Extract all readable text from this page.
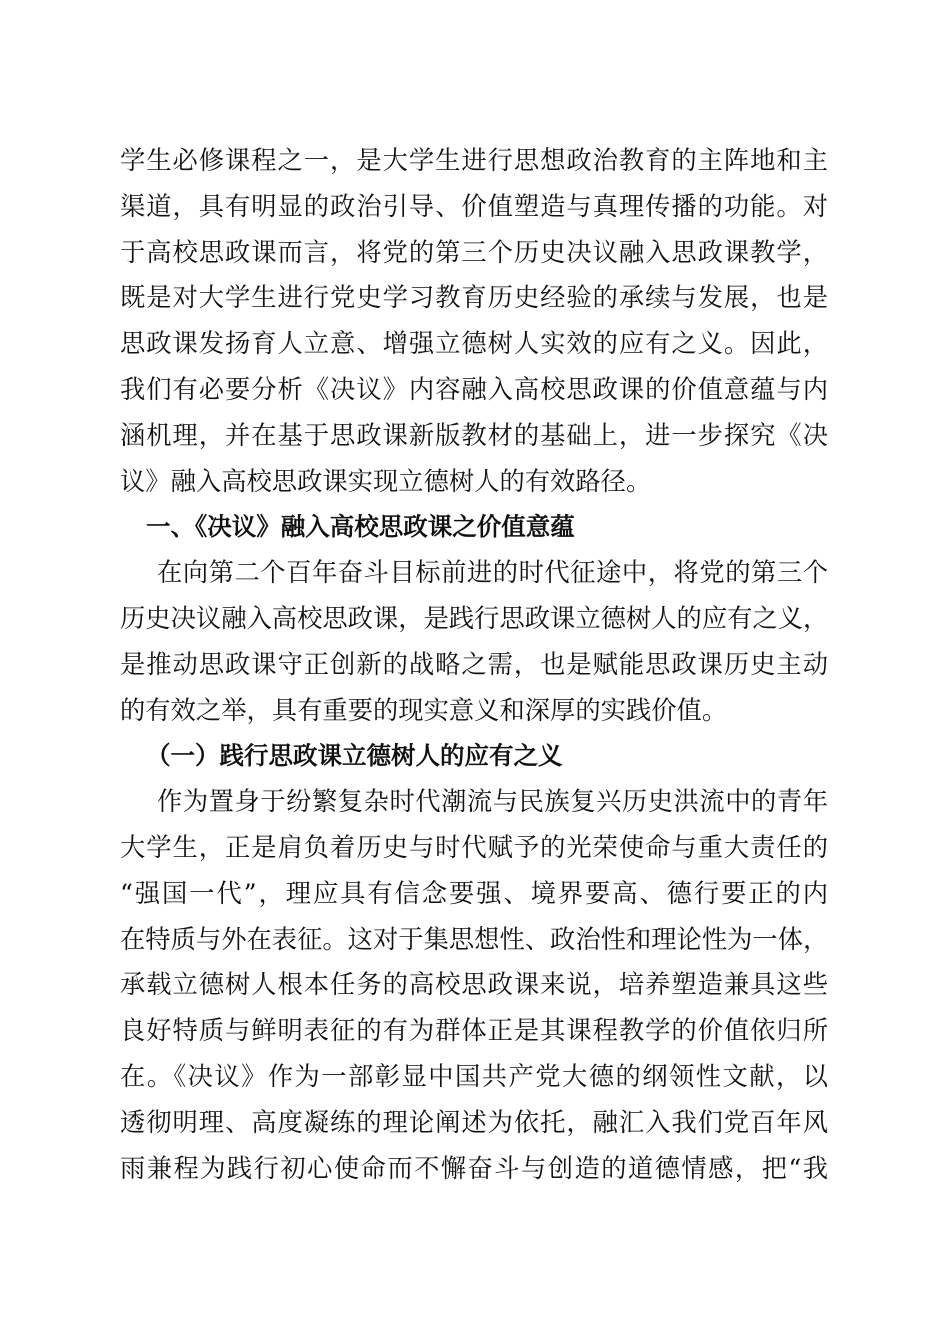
学生必修课程之一，是大学生进行思想政治教育的主阵地和主
渠道，具有明显的政治引导、价值塑造与真理传播的功能。对
于高校思政课而言，将党的第三个历史决议融入思政课教学，
既是对大学生进行党史学习教育历史经验的承续与发展，也是
思政课发扬育人立意、增强立德树人实效的应有之义。因此，
我们有必要分析《决议》内容融入高校思政课的价值意蕴与内
涵机理，并在基于思政课新版教材的基础上，进一步探究《决
议》融入高校思政课实现立德树人的有效路径。
一、《决议》融入高校思政课之价值意蕴
在向第二个百年奋斗目标前进的时代征途中，将党的第三个
历史决议融入高校思政课，是践行思政课立德树人的应有之义，
是推动思政课守正创新的战略之需，也是赋能思政课历史主动
的有效之举，具有重要的现实意义和深厚的实践价值。
（一）践行思政课立德树人的应有之义
作为置身于纷繁复杂时代潮流与民族复兴历史洪流中的青年
大学生，正是肩负着历史与时代赋予的光荣使命与重大责任的
“强国一代”，理应具有信念要强、境界要高、德行要正的内
在特质与外在表征。这对于集思想性、政治性和理论性为一体，
承载立德树人根本任务的高校思政课来说，培养塑造兼具这些
良好特质与鲜明表征的有为群体正是其课程教学的价值依归所
在。《决议》作为一部彰显中国共产党大德的纲领性文献，以
透彻明理、高度凝练的理论阐述为依托，融汇入我们党百年风
雨兼程为践行初心使命而不懈奋斗与创造的道德情感，把“我
